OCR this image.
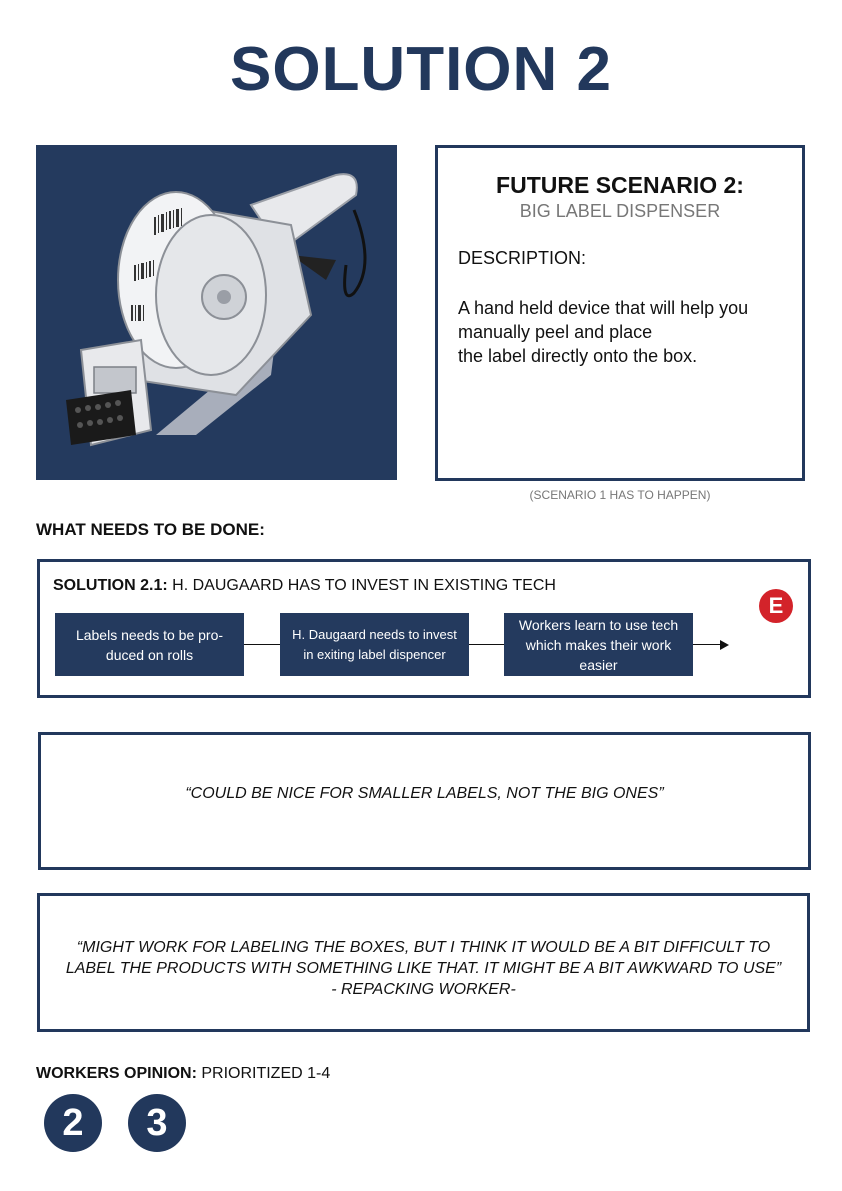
SOLUTION 2
FUTURE SCENARIO 2:
BIG LABEL DISPENSER
DESCRIPTION:
A hand held device that will help you
manually peel and place
the label directly onto the box.
(SCENARIO 1 HAS TO HAPPEN)
WHAT NEEDS TO BE DONE:
SOLUTION 2.1: H. DAUGAARD HAS TO INVEST IN EXISTING TECH
E
Labels needs to be pro-duced on rolls
H. Daugaard needs to invest in exiting label dispencer
Workers learn to use tech which makes their work easier
“COULD BE NICE FOR SMALLER LABELS, NOT THE BIG ONES”
“MIGHT WORK FOR LABELING THE BOXES, BUT I THINK IT WOULD BE A BIT DIFFICULT TO
LABEL THE PRODUCTS WITH SOMETHING LIKE THAT. IT MIGHT BE A BIT AWKWARD TO USE”
- REPACKING WORKER-
WORKERS OPINION: PRIORITIZED 1-4
2	3
